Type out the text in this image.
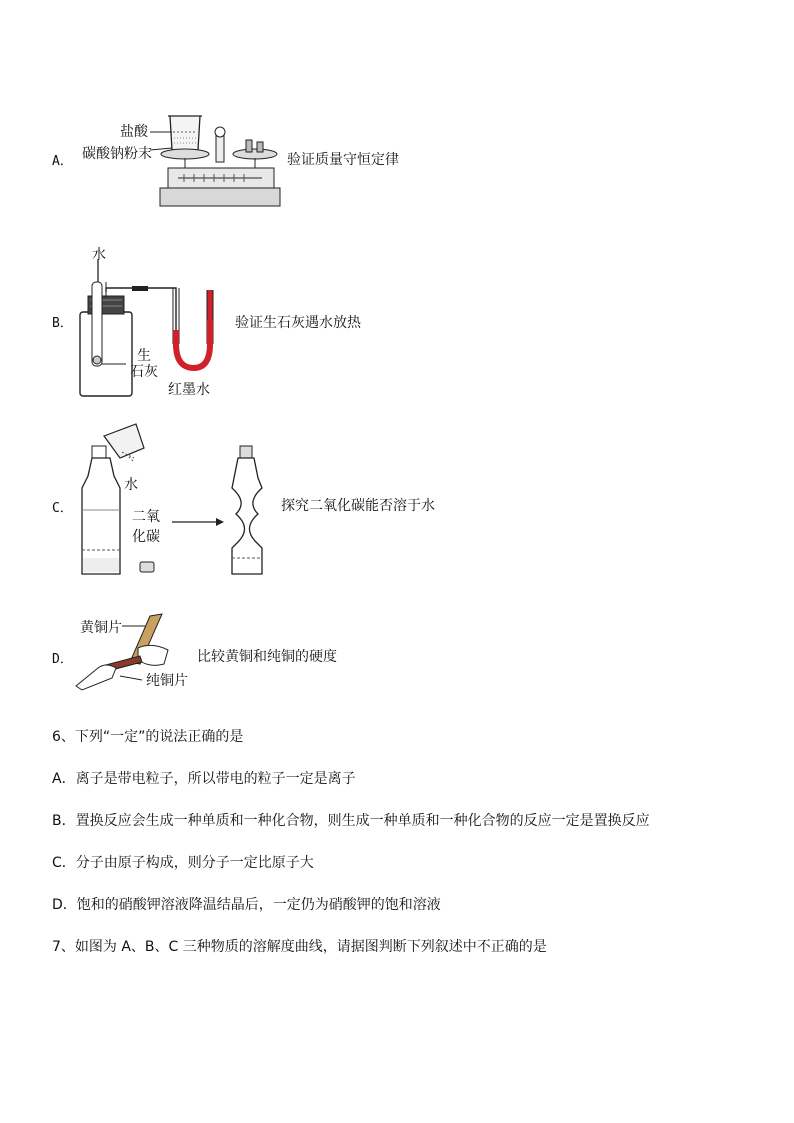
A．
盐酸
碳酸钠粉末	验证质量守恒定律
B．
水
生
石灰
红墨水
验证生石灰遇水放热
C．
水
二氧
化碳
探究二氧化碳能否溶于水
D．
黄铜片
纯铜片
比较黄铜和纯铜的硬度
6、下列“一定”的说法正确的是
A．离子是带电粒子，所以带电的粒子一定是离子
B．置换反应会生成一种单质和一种化合物，则生成一种单质和一种化合物的反应一定是置换反应
C．分子由原子构成，则分子一定比原子大
D．饱和的硝酸钾溶液降温结晶后，一定仍为硝酸钾的饱和溶液
7、如图为 A、B、C 三种物质的溶解度曲线，请据图判断下列叙述中不正确的是
